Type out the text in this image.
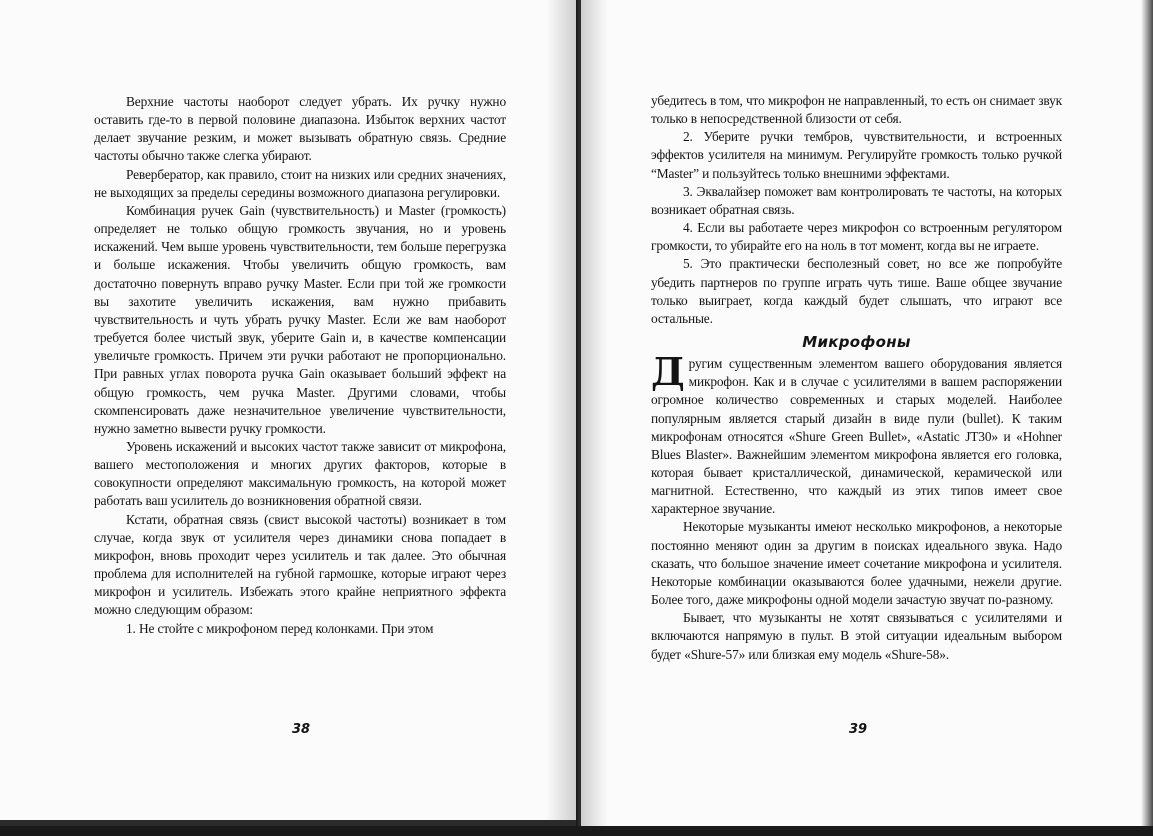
Верхние частоты наоборот следует убрать. Их ручку нужно оставить где-то в первой половине диапазона. Избыток верхних частот делает звучание резким, и может вызывать обратную связь. Средние частоты обычно также слегка убирают.

Ревербератор, как правило, стоит на низких или средних значениях, не выходящих за пределы середины возможного диапазона регулировки.

Комбинация ручек Gain (чувствительность) и Master (громкость) определяет не только общую громкость звучания, но и уровень искажений. Чем выше уровень чувствительности, тем больше перегрузка и больше искажения. Чтобы увеличить общую громкость, вам достаточно повернуть вправо ручку Master. Если при той же громкости вы захотите увеличить искажения, вам нужно прибавить чувствительность и чуть убрать ручку Master. Если же вам наоборот требуется более чистый звук, уберите Gain и, в качестве компенсации увеличьте громкость. Причем эти ручки работают не пропорционально. При равных углах поворота ручка Gain оказывает больший эффект на общую громкость, чем ручка Master. Другими словами, чтобы скомпенсировать даже незначительное увеличение чувствительности, нужно заметно вывести ручку громкости.

Уровень искажений и высоких частот также зависит от микрофона, вашего местоположения и многих других факторов, которые в совокупности определяют максимальную громкость, на которой может работать ваш усилитель до возникновения обратной связи.

Кстати, обратная связь (свист высокой частоты) возникает в том случае, когда звук от усилителя через динамики снова попадает в микрофон, вновь проходит через усилитель и так далее. Это обычная проблема для исполнителей на губной гармошке, которые играют через микрофон и усилитель. Избежать этого крайне неприятного эффекта можно следующим образом:

1. Не стойте с микрофоном перед колонками. При этом

38

убедитесь в том, что микрофон не направленный, то есть он снимает звук только в непосредственной близости от себя.

2. Уберите ручки тембров, чувствительности, и встроенных эффектов усилителя на минимум. Регулируйте громкость только ручкой “Master” и пользуйтесь только внешними эффектами.

3. Эквалайзер поможет вам контролировать те частоты, на которых возникает обратная связь.

4. Если вы работаете через микрофон со встроенным регулятором громкости, то убирайте его на ноль в тот момент, когда вы не играете.

5. Это практически бесполезный совет, но все же попробуйте убедить партнеров по группе играть чуть тише. Ваше общее звучание только выиграет, когда каждый будет слышать, что играют все остальные.

Микрофоны

Другим существенным элементом вашего оборудования является микрофон. Как и в случае с усилителями в вашем распоряжении огромное количество современных и старых моделей. Наиболее популярным является старый дизайн в виде пули (bullet). К таким микрофонам относятся «Shure Green Bullet», «Astatic JT30» и «Hohner Blues Blaster». Важнейшим элементом микрофона является его головка, которая бывает кристаллической, динамической, керамической или магнитной. Естественно, что каждый из этих типов имеет свое характерное звучание.

Некоторые музыканты имеют несколько микрофонов, а некоторые постоянно меняют один за другим в поисках идеального звука. Надо сказать, что большое значение имеет сочетание микрофона и усилителя. Некоторые комбинации оказываются более удачными, нежели другие. Более того, даже микрофоны одной модели зачастую звучат по-разному.

Бывает, что музыканты не хотят связываться с усилителями и включаются напрямую в пульт. В этой ситуации идеальным выбором будет «Shure-57» или близкая ему модель «Shure-58».

39
